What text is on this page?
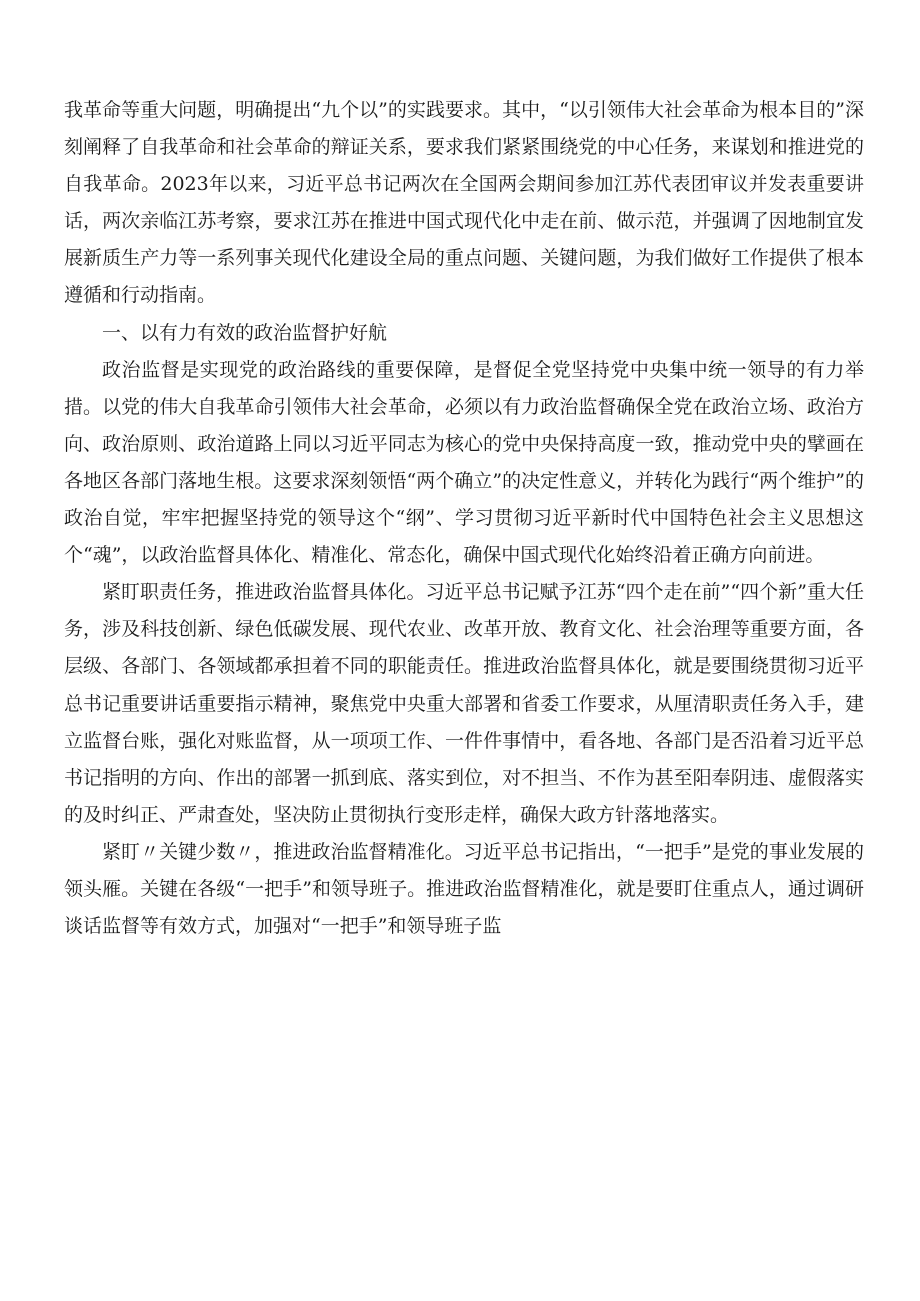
我革命等重大问题，明确提出“九个以”的实践要求。其中，“以引领伟大社会革命为根本目的”深刻阐释了自我革命和社会革命的辩证关系，要求我们紧紧围绕党的中心任务，来谋划和推进党的自我革命。2023年以来，习近平总书记两次在全国两会期间参加江苏代表团审议并发表重要讲话，两次亲临江苏考察，要求江苏在推进中国式现代化中走在前、做示范，并强调了因地制宜发展新质生产力等一系列事关现代化建设全局的重点问题、关键问题，为我们做好工作提供了根本遵循和行动指南。

一、以有力有效的政治监督护好航

政治监督是实现党的政治路线的重要保障，是督促全党坚持党中央集中统一领导的有力举措。以党的伟大自我革命引领伟大社会革命，必须以有力政治监督确保全党在政治立场、政治方向、政治原则、政治道路上同以习近平同志为核心的党中央保持高度一致，推动党中央的擘画在各地区各部门落地生根。这要求深刻领悟“两个确立”的决定性意义，并转化为践行“两个维护”的政治自觉，牢牢把握坚持党的领导这个“纲”、学习贯彻习近平新时代中国特色社会主义思想这个“魂”，以政治监督具体化、精准化、常态化，确保中国式现代化始终沿着正确方向前进。

紧盯职责任务，推进政治监督具体化。习近平总书记赋予江苏“四个走在前”“四个新”重大任务，涉及科技创新、绿色低碳发展、现代农业、改革开放、教育文化、社会治理等重要方面，各层级、各部门、各领域都承担着不同的职能责任。推进政治监督具体化，就是要围绕贯彻习近平总书记重要讲话重要指示精神，聚焦党中央重大部署和省委工作要求，从厘清职责任务入手，建立监督台账，强化对账监督，从一项项工作、一件件事情中，看各地、各部门是否沿着习近平总书记指明的方向、作出的部署一抓到底、落实到位，对不担当、不作为甚至阳奉阴违、虚假落实的及时纠正、严肃查处，坚决防止贯彻执行变形走样，确保大政方针落地落实。

紧盯〃关键少数〃，推进政治监督精准化。习近平总书记指出，“一把手”是党的事业发展的领头雁。关键在各级“一把手”和领导班子。推进政治监督精准化，就是要盯住重点人，通过调研谈话监督等有效方式，加强对“一把手”和领导班子监
